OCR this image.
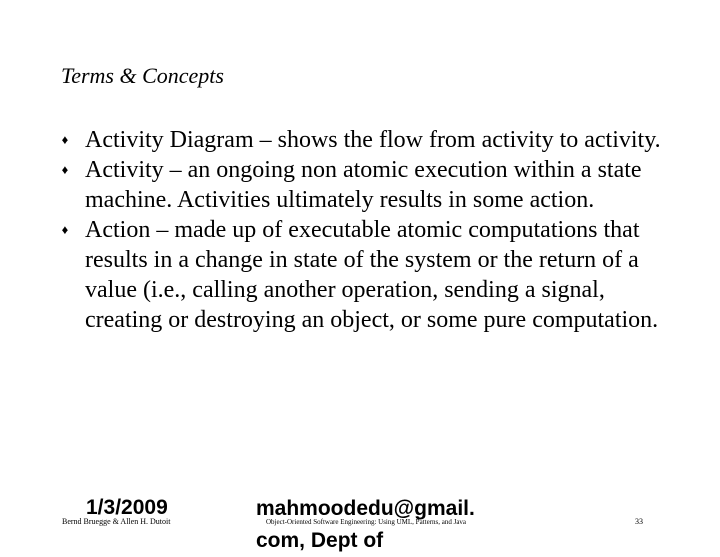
Terms & Concepts
♦ Activity Diagram – shows the flow from activity to activity.
♦ Activity – an ongoing non atomic execution within a state machine. Activities ultimately results in some action.
♦ Action – made up of executable atomic computations that results in a change in state of the system or the return of a value (i.e., calling another operation, sending a signal, creating or destroying an object, or some pure computation.
Bernd Bruegge & Allen H. Dutoit
1/3/2009
Object-Oriented Software Engineering: Using UML, Patterns, and Java
mahmoodedu@gmail.com, Dept of
33
